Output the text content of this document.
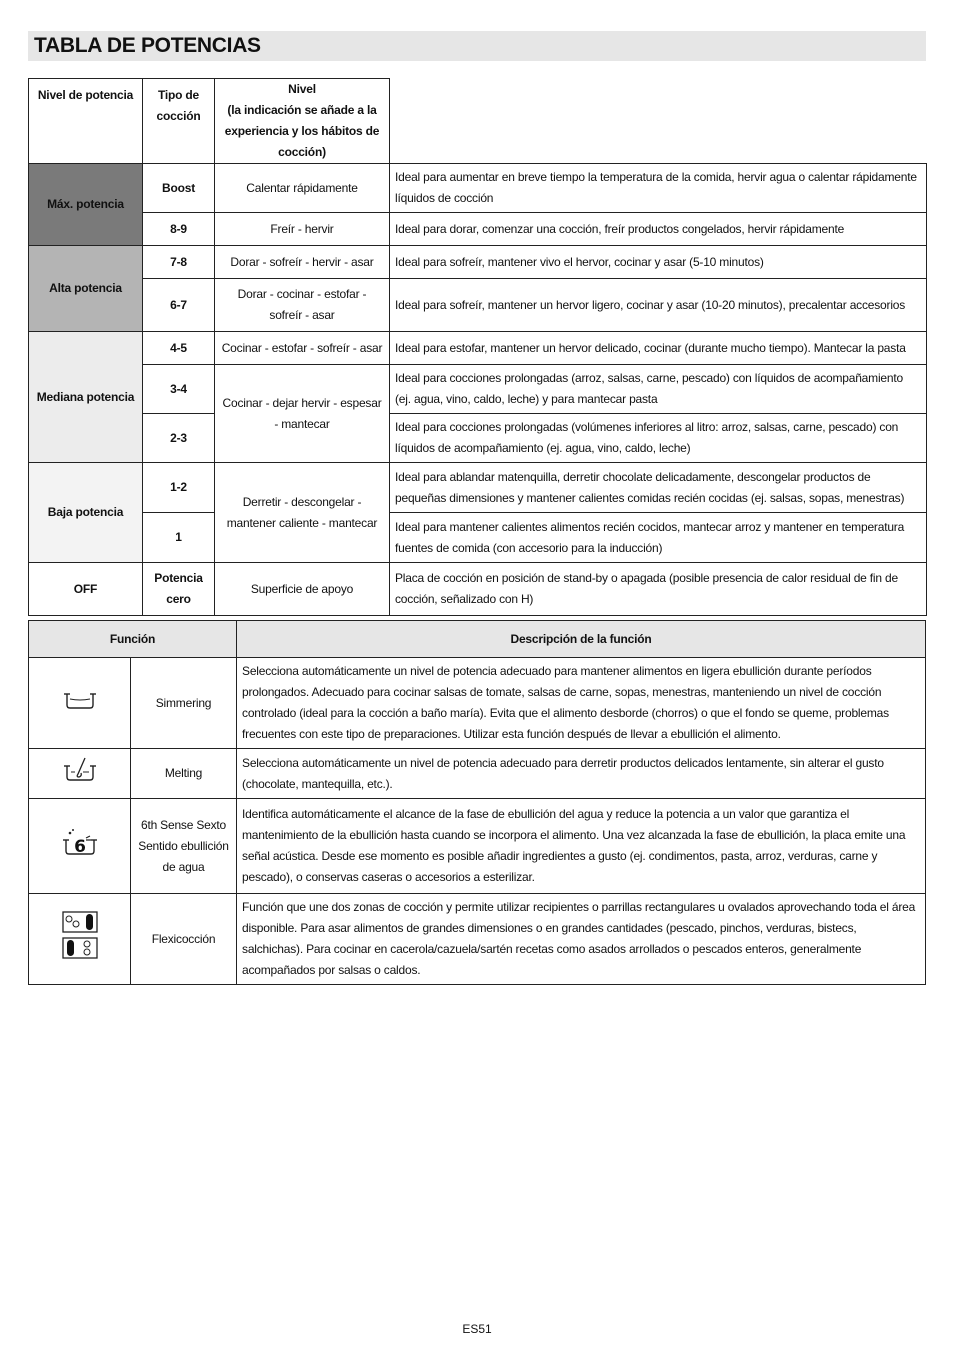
TABLA DE POTENCIAS
Nivel de potencia	Tipo de cocción	Nivel
(la indicación se añade a la experiencia y los hábitos de cocción)	

Máx. potencia	Boost	Calentar rápidamente	Ideal para aumentar en breve tiempo la temperatura de la comida, hervir agua o calentar rápidamente líquidos de cocción
	8-9	Freír - hervir	Ideal para dorar, comenzar una cocción, freír productos congelados, hervir rápidamente
Alta potencia	7-8	Dorar - sofreír - hervir - asar	Ideal para sofreír, mantener vivo el hervor, cocinar y asar (5-10 minutos)
	6-7	Dorar - cocinar - estofar - sofreír - asar	Ideal para sofreír, mantener un hervor ligero, cocinar y asar (10-20 minutos), precalentar accesorios
Mediana potencia	4-5	Cocinar - estofar - sofreír - asar	Ideal para estofar, mantener un hervor delicado, cocinar (durante mucho tiempo). Mantecar la pasta
	3-4	Cocinar - dejar hervir - espesar - mantecar	Ideal para cocciones prolongadas (arroz, salsas, carne, pescado) con líquidos de acompañamiento (ej. agua, vino, caldo, leche) y para mantecar pasta
	2-3		Ideal para cocciones prolongadas (volúmenes inferiores al litro: arroz, salsas, carne, pescado) con líquidos de acompañamiento (ej. agua, vino, caldo, leche)
Baja potencia	1-2	Derretir - descongelar - mantener caliente - mantecar	Ideal para ablandar matenquilla, derretir chocolate delicadamente, descongelar productos de pequeñas dimensiones y mantener calientes comidas recién cocidas (ej. salsas, sopas, menestras)
	1		Ideal para mantener calientes alimentos recién cocidos, mantecar arroz y mantener en temperatura fuentes de comida (con accesorio para la inducción)
OFF	Potencia cero	Superficie de apoyo	Placa de cocción en posición de stand-by o apagada (posible presencia de calor residual de fin de cocción, señalizado con H)
Función		Descripción de la función
	Simmering	Selecciona automáticamente un nivel de potencia adecuado para mantener alimentos en ligera ebullición durante períodos prolongados. Adecuado para cocinar salsas de tomate, salsas de carne, sopas, menestras, manteniendo un nivel de cocción controlado (ideal para la cocción a baño maría). Evita que el alimento desborde (chorros) o que el fondo se queme, problemas frecuentes con este tipo de preparaciones. Utilizar esta función después de llevar a ebullición el alimento.
	Melting	Selecciona automáticamente un nivel de potencia adecuado para derretir productos delicados lentamente, sin alterar el gusto (chocolate, mantequilla, etc.).

6	6th Sense Sexto Sentido ebullición de agua	Identifica automáticamente el alcance de la fase de ebullición del agua y reduce la potencia a un valor que garantiza el mantenimiento de la ebullición hasta cuando se incorpora el alimento. Una vez alcanzada la fase de ebullición, la placa emite una señal acústica. Desde ese momento es posible añadir ingredientes a gusto (ej. condimentos, pasta, arroz, verduras, carne y pescado), o conservas caseras o accesorios a esterilizar.
	Flexicocción	Función que une dos zonas de cocción y permite utilizar recipientes o parrillas rectangulares u ovalados aprovechando toda el área disponible. Para asar alimentos de grandes dimensiones o en grandes cantidades (pescado, pinchos, verduras, bistecs, salchichas). Para cocinar en cacerola/cazuela/sartén recetas como asados arrollados o pescados enteros, generalmente acompañados por salsas o caldos.
ES51
